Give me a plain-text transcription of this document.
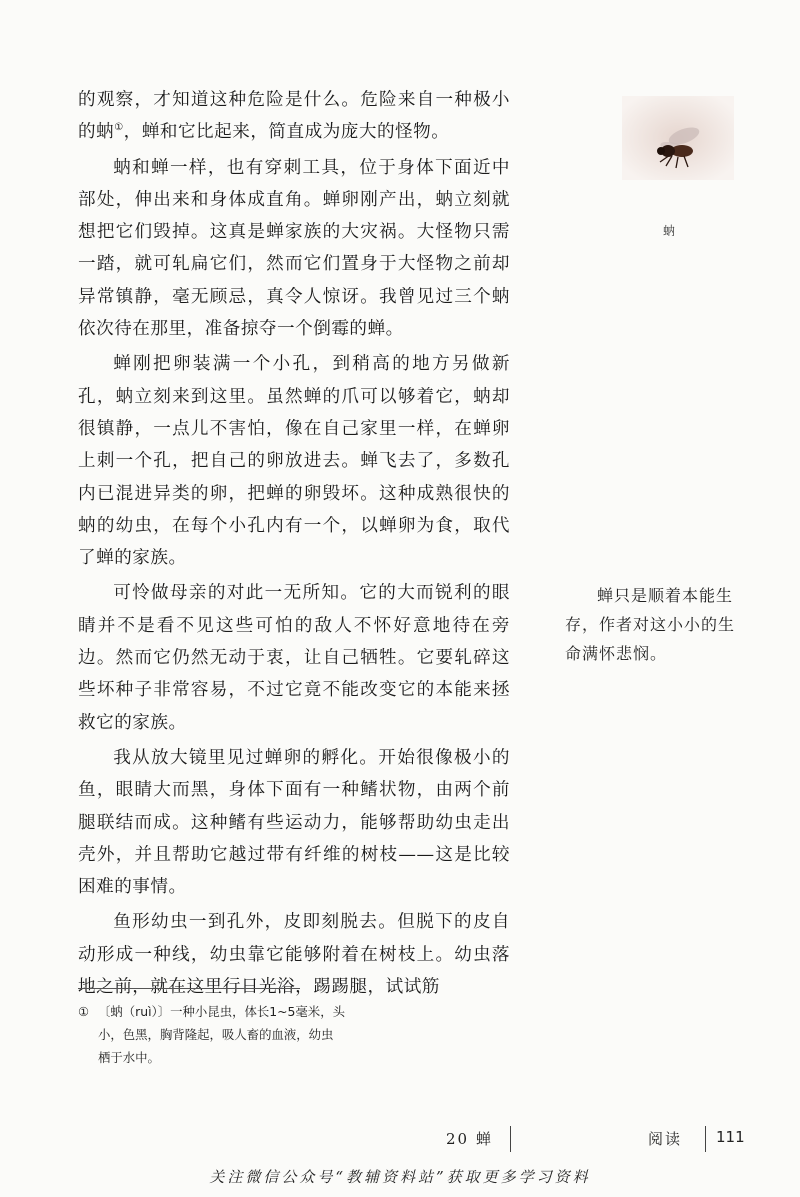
的观察，才知道这种危险是什么。危险来自一种极小的蚋①，蝉和它比起来，简直成为庞大的怪物。

蚋和蝉一样，也有穿刺工具，位于身体下面近中部处，伸出来和身体成直角。蝉卵刚产出，蚋立刻就想把它们毁掉。这真是蝉家族的大灾祸。大怪物只需一踏，就可轧扁它们，然而它们置身于大怪物之前却异常镇静，毫无顾忌，真令人惊讶。我曾见过三个蚋依次待在那里，准备掠夺一个倒霉的蝉。

蝉刚把卵装满一个小孔，到稍高的地方另做新孔，蚋立刻来到这里。虽然蝉的爪可以够着它，蚋却很镇静，一点儿不害怕，像在自己家里一样，在蝉卵上刺一个孔，把自己的卵放进去。蝉飞去了，多数孔内已混进异类的卵，把蝉的卵毁坏。这种成熟很快的蚋的幼虫，在每个小孔内有一个，以蝉卵为食，取代了蝉的家族。

可怜做母亲的对此一无所知。它的大而锐利的眼睛并不是看不见这些可怕的敌人不怀好意地待在旁边。然而它仍然无动于衷，让自己牺牲。它要轧碎这些坏种子非常容易，不过它竟不能改变它的本能来拯救它的家族。

我从放大镜里见过蝉卵的孵化。开始很像极小的鱼，眼睛大而黑，身体下面有一种鳍状物，由两个前腿联结而成。这种鳍有些运动力，能够帮助幼虫走出壳外，并且帮助它越过带有纤维的树枝——这是比较困难的事情。

鱼形幼虫一到孔外，皮即刻脱去。但脱下的皮自动形成一种线，幼虫靠它能够附着在树枝上。幼虫落地之前，就在这里行日光浴，踢踢腿，试试筋

蚋

蝉只是顺着本能生存，作者对这小小的生命满怀悲悯。

① 〔蚋（ruì）〕一种小昆虫，体长1~5毫米，头

小，色黑，胸背隆起，吸人畜的血液，幼虫

栖于水中。

20 蝉	阅读 111
关注微信公众号“教辅资料站”获取更多学习资料
